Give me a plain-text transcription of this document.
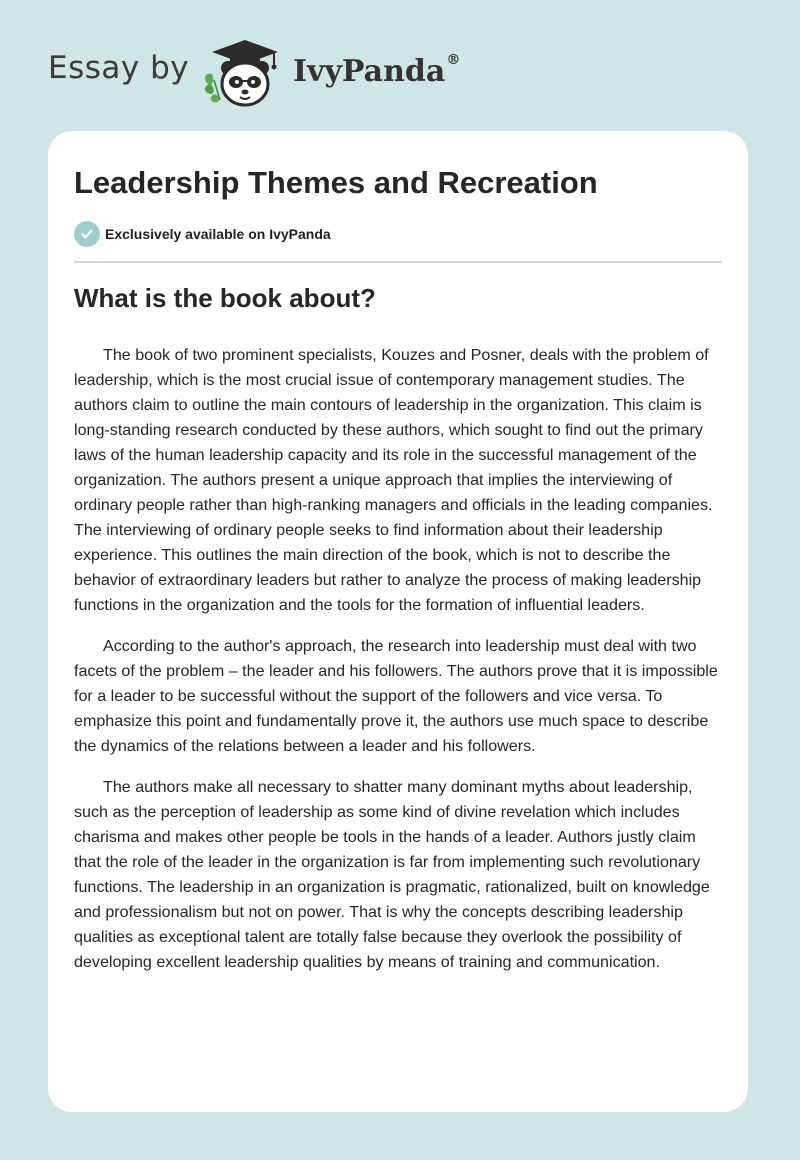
Essay by	IvyPanda®
Leadership Themes and Recreation
Exclusively available on IvyPanda
What is the book about?

The book of two prominent specialists, Kouzes and Posner, deals with the problem of leadership, which is the most crucial issue of contemporary management studies. The authors claim to outline the main contours of leadership in the organization. This claim is long-standing research conducted by these authors, which sought to find out the primary laws of the human leadership capacity and its role in the successful management of the organization. The authors present a unique approach that implies the interviewing of ordinary people rather than high-ranking managers and officials in the leading companies. The interviewing of ordinary people seeks to find information about their leadership experience. This outlines the main direction of the book, which is not to describe the behavior of extraordinary leaders but rather to analyze the process of making leadership functions in the organization and the tools for the formation of influential leaders.

According to the author's approach, the research into leadership must deal with two facets of the problem – the leader and his followers. The authors prove that it is impossible for a leader to be successful without the support of the followers and vice versa. To emphasize this point and fundamentally prove it, the authors use much space to describe the dynamics of the relations between a leader and his followers.

The authors make all necessary to shatter many dominant myths about leadership, such as the perception of leadership as some kind of divine revelation which includes charisma and makes other people be tools in the hands of a leader. Authors justly claim that the role of the leader in the organization is far from implementing such revolutionary functions. The leadership in an organization is pragmatic, rationalized, built on knowledge and professionalism but not on power. That is why the concepts describing leadership qualities as exceptional talent are totally false because they overlook the possibility of developing excellent leadership qualities by means of training and communication.
